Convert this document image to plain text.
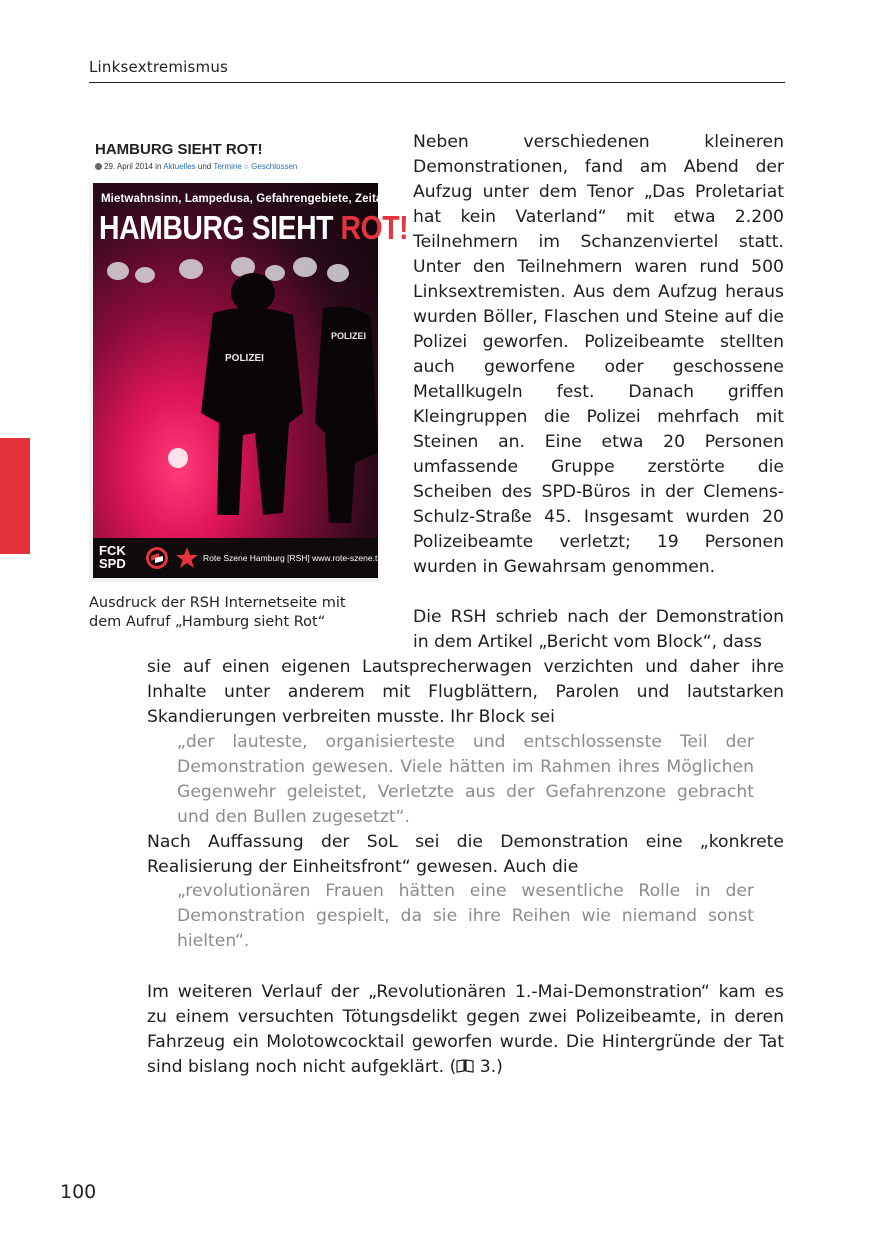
Linksextremismus
HAMBURG SIEHT ROT!
29. April 2014 in Aktuelles und Termine ○ Geschlossen
Mietwahnsinn, Lampedusa, Gefahrengebiete, Zeitarbeit
HAMBURG SIEHT ROT!
POLIZEI
POLIZEI
FCK
SPD	Rote Szene Hamburg [RSH] www.rote-szene.tk
Ausdruck der RSH Internetseite mit dem Aufruf „Hamburg sieht Rot“
Neben verschiedenen kleineren Demonstrationen, fand am Abend der Aufzug unter dem Tenor „Das Proletariat hat kein Vaterland“ mit etwa 2.200 Teilnehmern im Schanzenviertel statt. Unter den Teilnehmern waren rund 500 Linksextremisten. Aus dem Aufzug heraus wurden Böller, Flaschen und Steine auf die Polizei geworfen. Polizeibeamte stellten auch geworfene oder geschossene Metallkugeln fest. Danach griffen Kleingruppen die Polizei mehrfach mit Steinen an. Eine etwa 20 Personen umfassende Gruppe zerstörte die Scheiben des SPD-Büros in der Clemens-Schulz-Straße 45. Insgesamt wurden 20 Polizeibeamte verletzt; 19 Personen wurden in Gewahrsam genommen.
Die RSH schrieb nach der Demonstration in dem Artikel „Bericht vom Block“, dass
sie auf einen eigenen Lautsprecherwagen verzichten und daher ihre Inhalte unter anderem mit Flugblättern, Parolen und lautstarken Skandierungen verbreiten musste. Ihr Block sei
„der lauteste, organisierteste und entschlossenste Teil der Demonstration gewesen. Viele hätten im Rahmen ihres Möglichen Gegenwehr geleistet, Verletzte aus der Gefahrenzone gebracht und den Bullen zugesetzt“.
Nach Auffassung der SoL sei die Demonstration eine „konkrete Realisierung der Einheitsfront“ gewesen. Auch die
„revolutionären Frauen hätten eine wesentliche Rolle in der Demonstration gespielt, da sie ihre Reihen wie niemand sonst hielten“.
Im weiteren Verlauf der „Revolutionären 1.-Mai-Demonstration“ kam es zu einem versuchten Tötungsdelikt gegen zwei Polizeibeamte, in deren Fahrzeug ein Molotowcocktail geworfen wurde. Die Hintergründe der Tat sind bislang noch nicht aufgeklärt. ( 3.)
100
